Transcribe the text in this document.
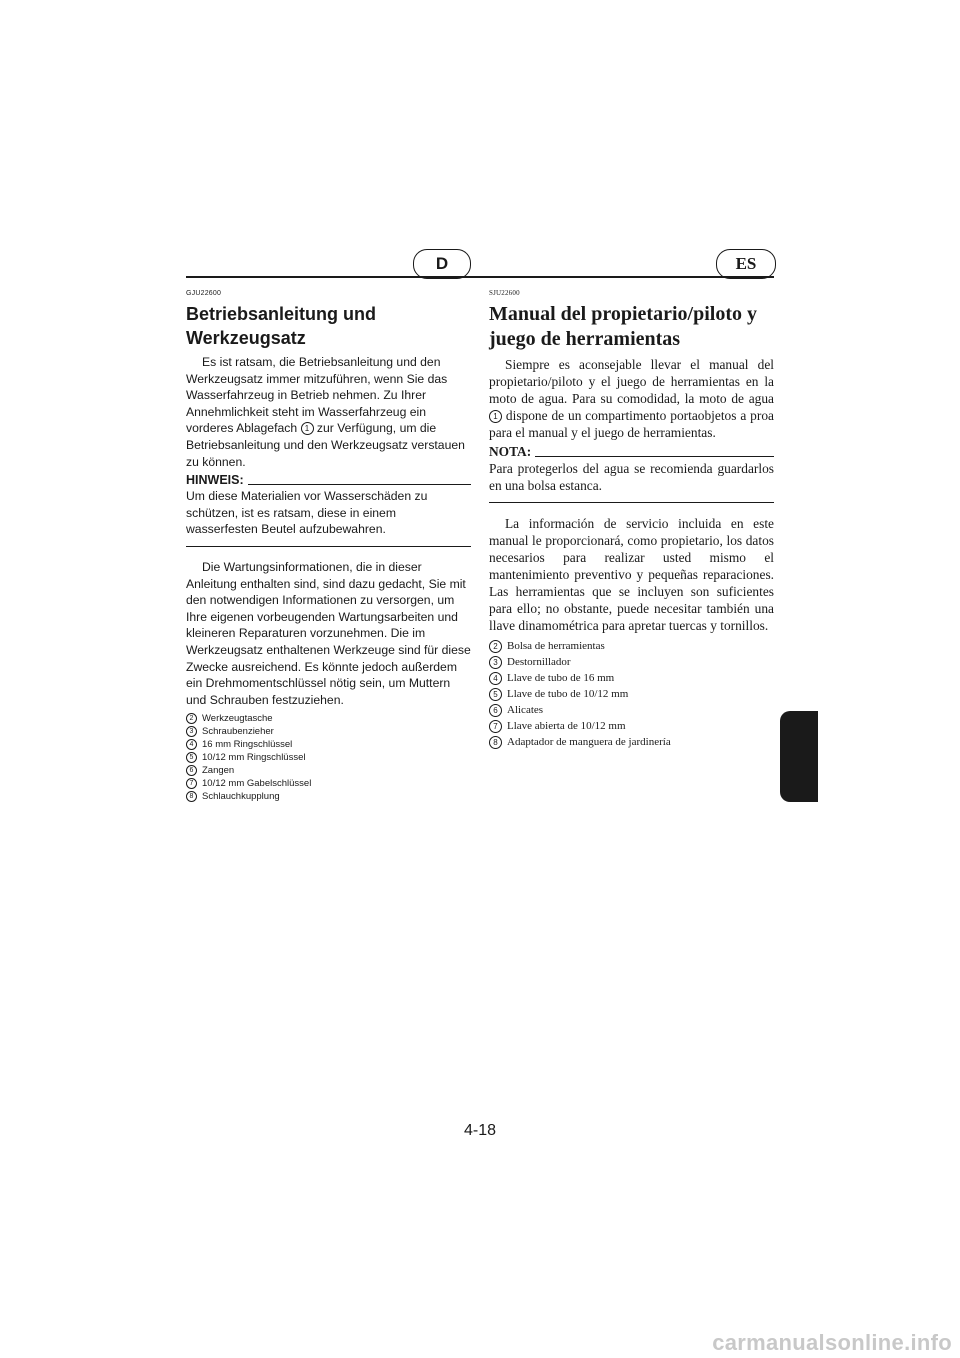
D	ES
GJU22600
Betriebsanleitung und
Werkzeugsatz

Es ist ratsam, die Betriebsanleitung und den Werkzeugsatz immer mitzuführen, wenn Sie das Wasserfahrzeug in Betrieb nehmen. Zu Ihrer Annehmlichkeit steht im Wasserfahrzeug ein vorderes Ablagefach 1 zur Verfügung, um die Betriebsanleitung und den Werkzeugsatz verstauen zu können.

HINWEIS:

Um diese Materialien vor Wasserschäden zu schützen, ist es ratsam, diese in einem wasserfesten Beutel aufzubewahren.

Die Wartungsinformationen, die in dieser Anleitung enthalten sind, sind dazu gedacht, Sie mit den notwendigen Informationen zu versorgen, um Ihre eigenen vorbeugenden Wartungsarbeiten und kleineren Reparaturen vorzunehmen. Die im Werkzeugsatz enthaltenen Werkzeuge sind für diese Zwecke ausreichend. Es könnte jedoch außerdem ein Drehmomentschlüssel nötig sein, um Muttern und Schrauben festzuziehen.

2 Werkzeugtasche
3 Schraubenzieher
4 16 mm Ringschlüssel
5 10/12 mm Ringschlüssel
6 Zangen
7 10/12 mm Gabelschlüssel
8 Schlauchkupplung
SJU22600
Manual del propietario/piloto y
juego de herramientas

Siempre es aconsejable llevar el manual del propietario/piloto y el juego de herramientas en la moto de agua. Para su comodidad, la moto de agua 1 dispone de un compartimento portaobjetos a proa para el manual y el juego de herramientas.

NOTA:

Para protegerlos del agua se recomienda guardarlos en una bolsa estanca.

La información de servicio incluida en este manual le proporcionará, como propietario, los datos necesarios para realizar usted mismo el mantenimiento preventivo y pequeñas reparaciones. Las herramientas que se incluyen son suficientes para ello; no obstante, puede necesitar también una llave dinamométrica para apretar tuercas y tornillos.

2 Bolsa de herramientas
3 Destornillador
4 Llave de tubo de 16 mm
5 Llave de tubo de 10/12 mm
6 Alicates
7 Llave abierta de 10/12 mm
8 Adaptador de manguera de jardinería
4-18
carmanualsonline.info
